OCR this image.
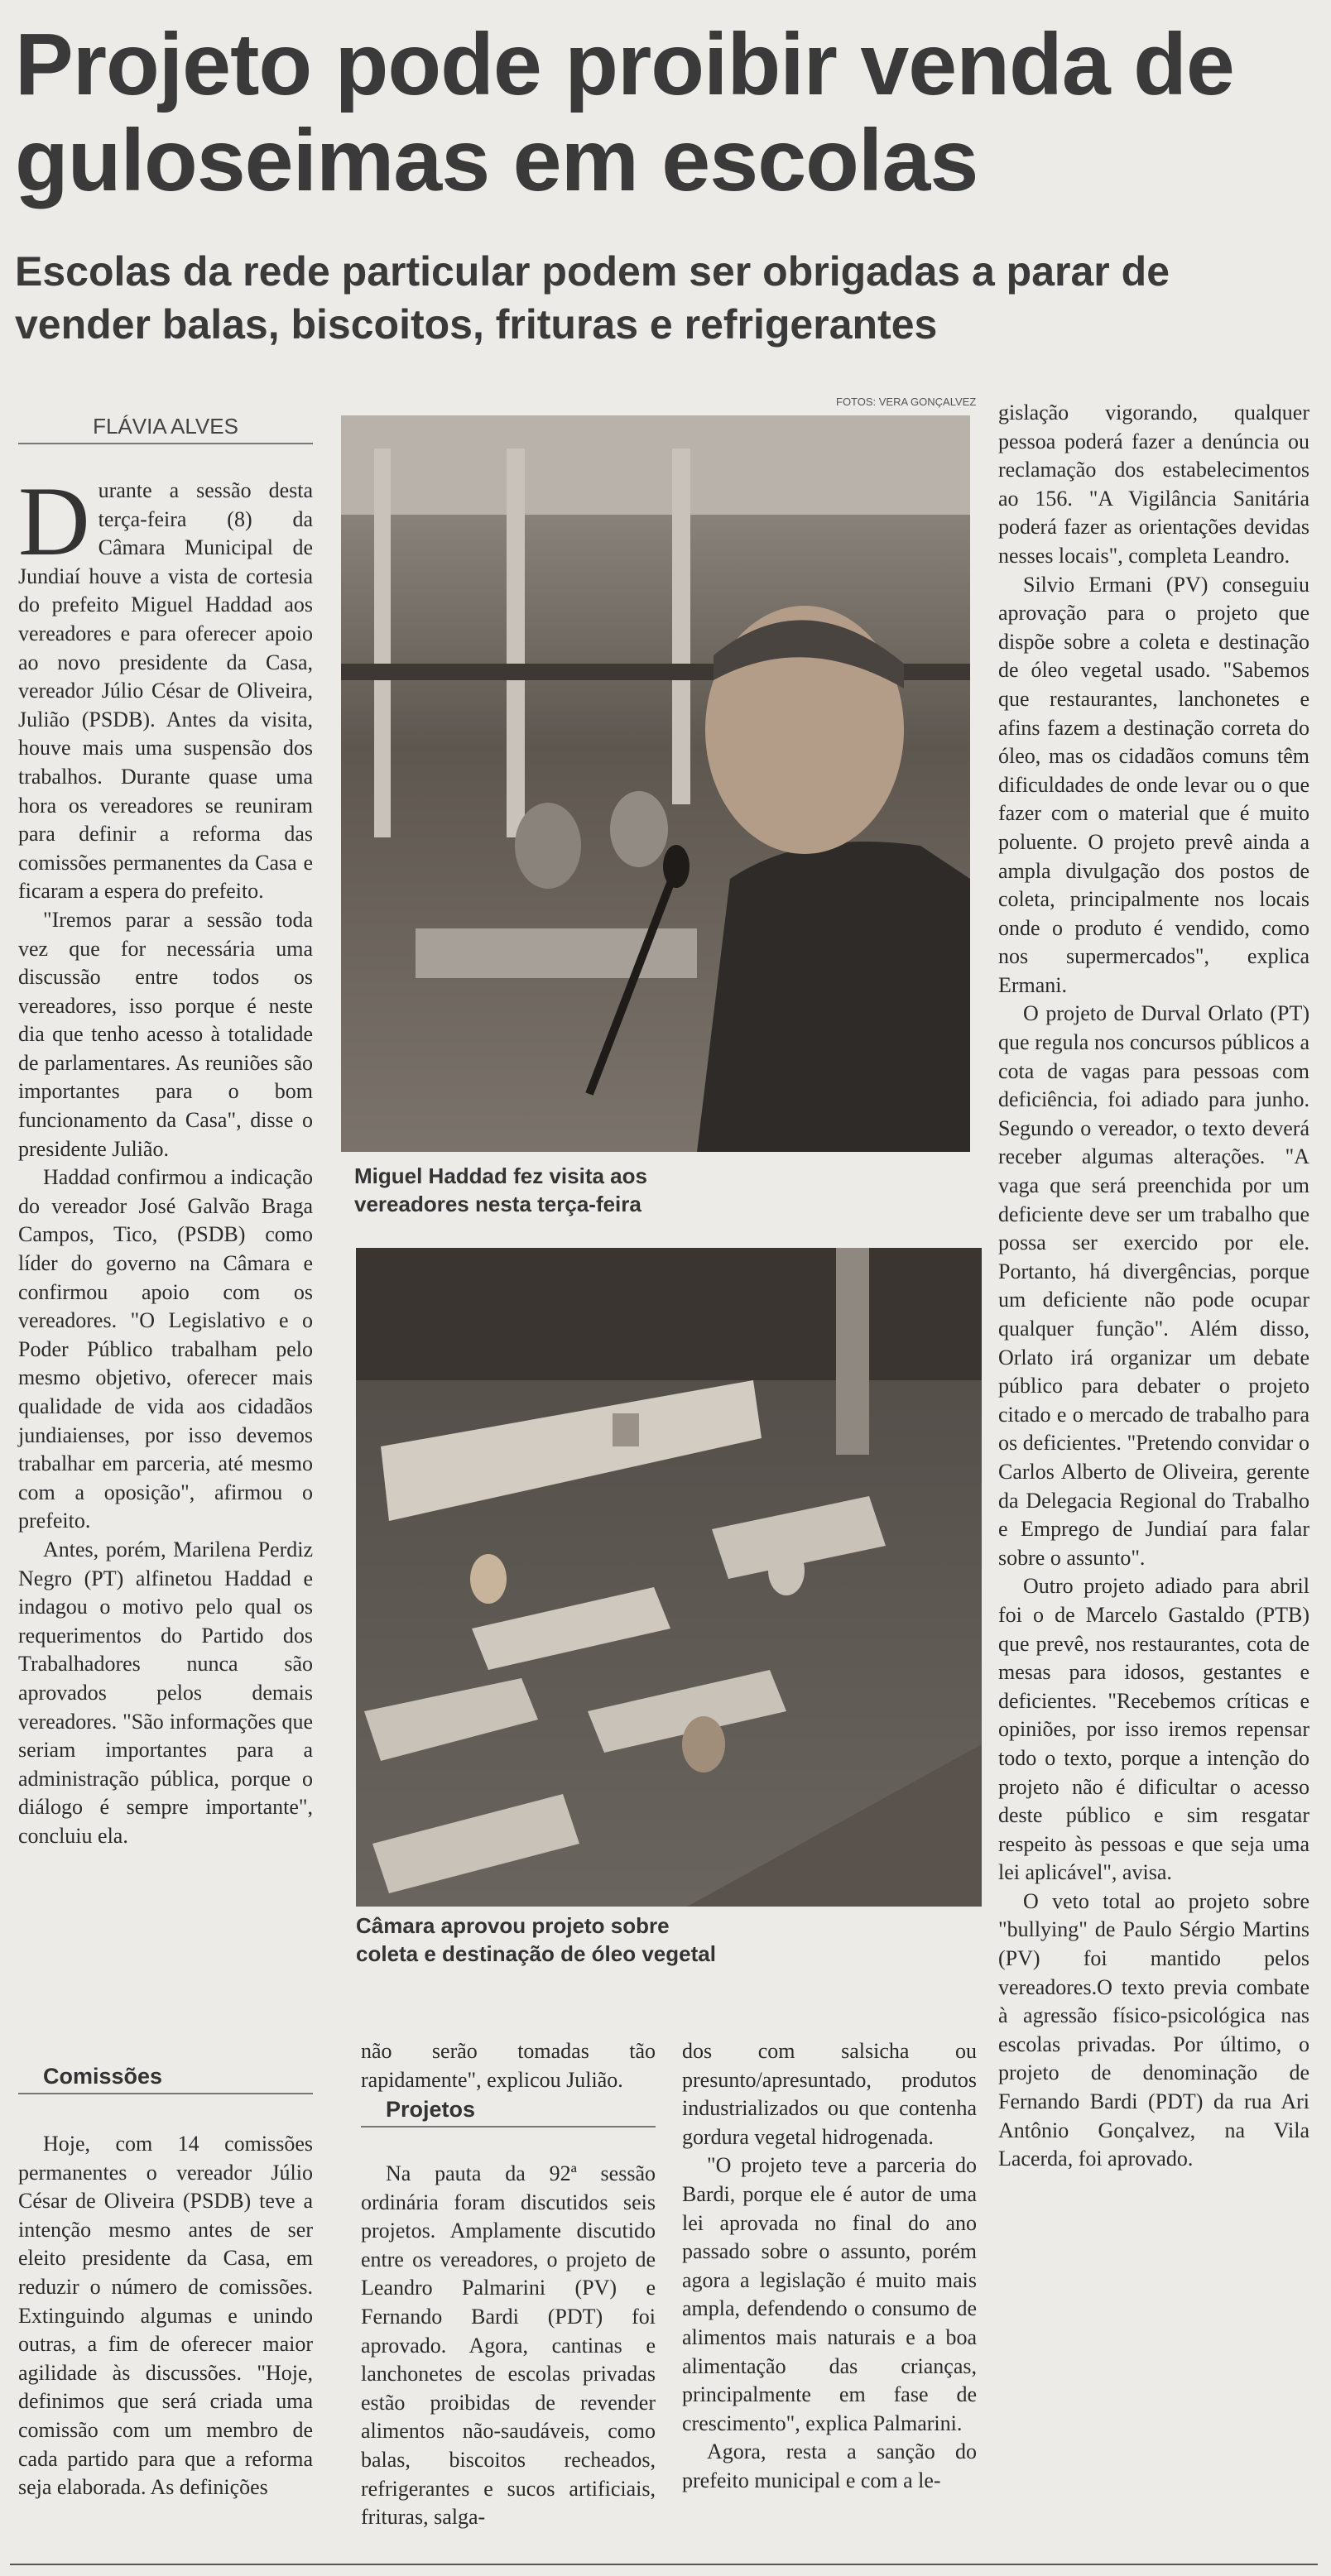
Projeto pode proibir venda de guloseimas em escolas
Escolas da rede particular podem ser obrigadas a parar de vender balas, biscoitos, frituras e refrigerantes
FOTOS: VERA GONÇALVEZ
FLÁVIA ALVES

Durante a sessão desta terça-feira (8) da Câmara Municipal de Jundiaí houve a vista de cortesia do prefeito Miguel Haddad aos vereadores e para oferecer apoio ao novo presidente da Casa, vereador Júlio César de Oliveira, Julião (PSDB). Antes da visita, houve mais uma suspensão dos trabalhos. Durante quase uma hora os vereadores se reuniram para definir a reforma das comissões permanentes da Casa e ficaram a espera do prefeito.

"Iremos parar a sessão toda vez que for necessária uma discussão entre todos os vereadores, isso porque é neste dia que tenho acesso à totalidade de parlamentares. As reuniões são importantes para o bom funcionamento da Casa", disse o presidente Julião.

Haddad confirmou a indicação do vereador José Galvão Braga Campos, Tico, (PSDB) como líder do governo na Câmara e confirmou apoio com os vereadores. "O Legislativo e o Poder Público trabalham pelo mesmo objetivo, oferecer mais qualidade de vida aos cidadãos jundiaienses, por isso devemos trabalhar em parceria, até mesmo com a oposição", afirmou o prefeito.

Antes, porém, Marilena Perdiz Negro (PT) alfinetou Haddad e indagou o motivo pelo qual os requerimentos do Partido dos Trabalhadores nunca são aprovados pelos demais vereadores. "São informações que seriam importantes para a administração pública, porque o diálogo é sempre importante", concluiu ela.

Comissões

Hoje, com 14 comissões permanentes o vereador Júlio César de Oliveira (PSDB) teve a intenção mesmo antes de ser eleito presidente da Casa, em reduzir o número de comissões. Extinguindo algumas e unindo outras, a fim de oferecer maior agilidade às discussões. "Hoje, definimos que será criada uma comissão com um membro de cada partido para que a reforma seja elaborada. As definições

Miguel Haddad fez visita aos vereadores nesta terça-feira
Câmara aprovou projeto sobre coleta e destinação de óleo vegetal

não serão tomadas tão rapidamente", explicou Julião.

Projetos

Na pauta da 92ª sessão ordinária foram discutidos seis projetos. Amplamente discutido entre os vereadores, o projeto de Leandro Palmarini (PV) e Fernando Bardi (PDT) foi aprovado. Agora, cantinas e lanchonetes de escolas privadas estão proibidas de revender alimentos não-saudáveis, como balas, biscoitos recheados, refrigerantes e sucos artificiais, frituras, salga-

dos com salsicha ou presunto/apresuntado, produtos industrializados ou que contenha gordura vegetal hidrogenada.

"O projeto teve a parceria do Bardi, porque ele é autor de uma lei aprovada no final do ano passado sobre o assunto, porém agora a legislação é muito mais ampla, defendendo o consumo de alimentos mais naturais e a boa alimentação das crianças, principalmente em fase de crescimento", explica Palmarini.

Agora, resta a sanção do prefeito municipal e com a le-

gislação vigorando, qualquer pessoa poderá fazer a denúncia ou reclamação dos estabelecimentos ao 156. "A Vigilância Sanitária poderá fazer as orientações devidas nesses locais", completa Leandro.

Silvio Ermani (PV) conseguiu aprovação para o projeto que dispõe sobre a coleta e destinação de óleo vegetal usado. "Sabemos que restaurantes, lanchonetes e afins fazem a destinação correta do óleo, mas os cidadãos comuns têm dificuldades de onde levar ou o que fazer com o material que é muito poluente. O projeto prevê ainda a ampla divulgação dos postos de coleta, principalmente nos locais onde o produto é vendido, como nos supermercados", explica Ermani.

O projeto de Durval Orlato (PT) que regula nos concursos públicos a cota de vagas para pessoas com deficiência, foi adiado para junho. Segundo o vereador, o texto deverá receber algumas alterações. "A vaga que será preenchida por um deficiente deve ser um trabalho que possa ser exercido por ele. Portanto, há divergências, porque um deficiente não pode ocupar qualquer função". Além disso, Orlato irá organizar um debate público para debater o projeto citado e o mercado de trabalho para os deficientes. "Pretendo convidar o Carlos Alberto de Oliveira, gerente da Delegacia Regional do Trabalho e Emprego de Jundiaí para falar sobre o assunto".

Outro projeto adiado para abril foi o de Marcelo Gastaldo (PTB) que prevê, nos restaurantes, cota de mesas para idosos, gestantes e deficientes. "Recebemos críticas e opiniões, por isso iremos repensar todo o texto, porque a intenção do projeto não é dificultar o acesso deste público e sim resgatar respeito às pessoas e que seja uma lei aplicável", avisa.

O veto total ao projeto sobre "bullying" de Paulo Sérgio Martins (PV) foi mantido pelos vereadores.O texto previa combate à agressão físico-psicológica nas escolas privadas. Por último, o projeto de denominação de Fernando Bardi (PDT) da rua Ari Antônio Gonçalvez, na Vila Lacerda, foi aprovado.
